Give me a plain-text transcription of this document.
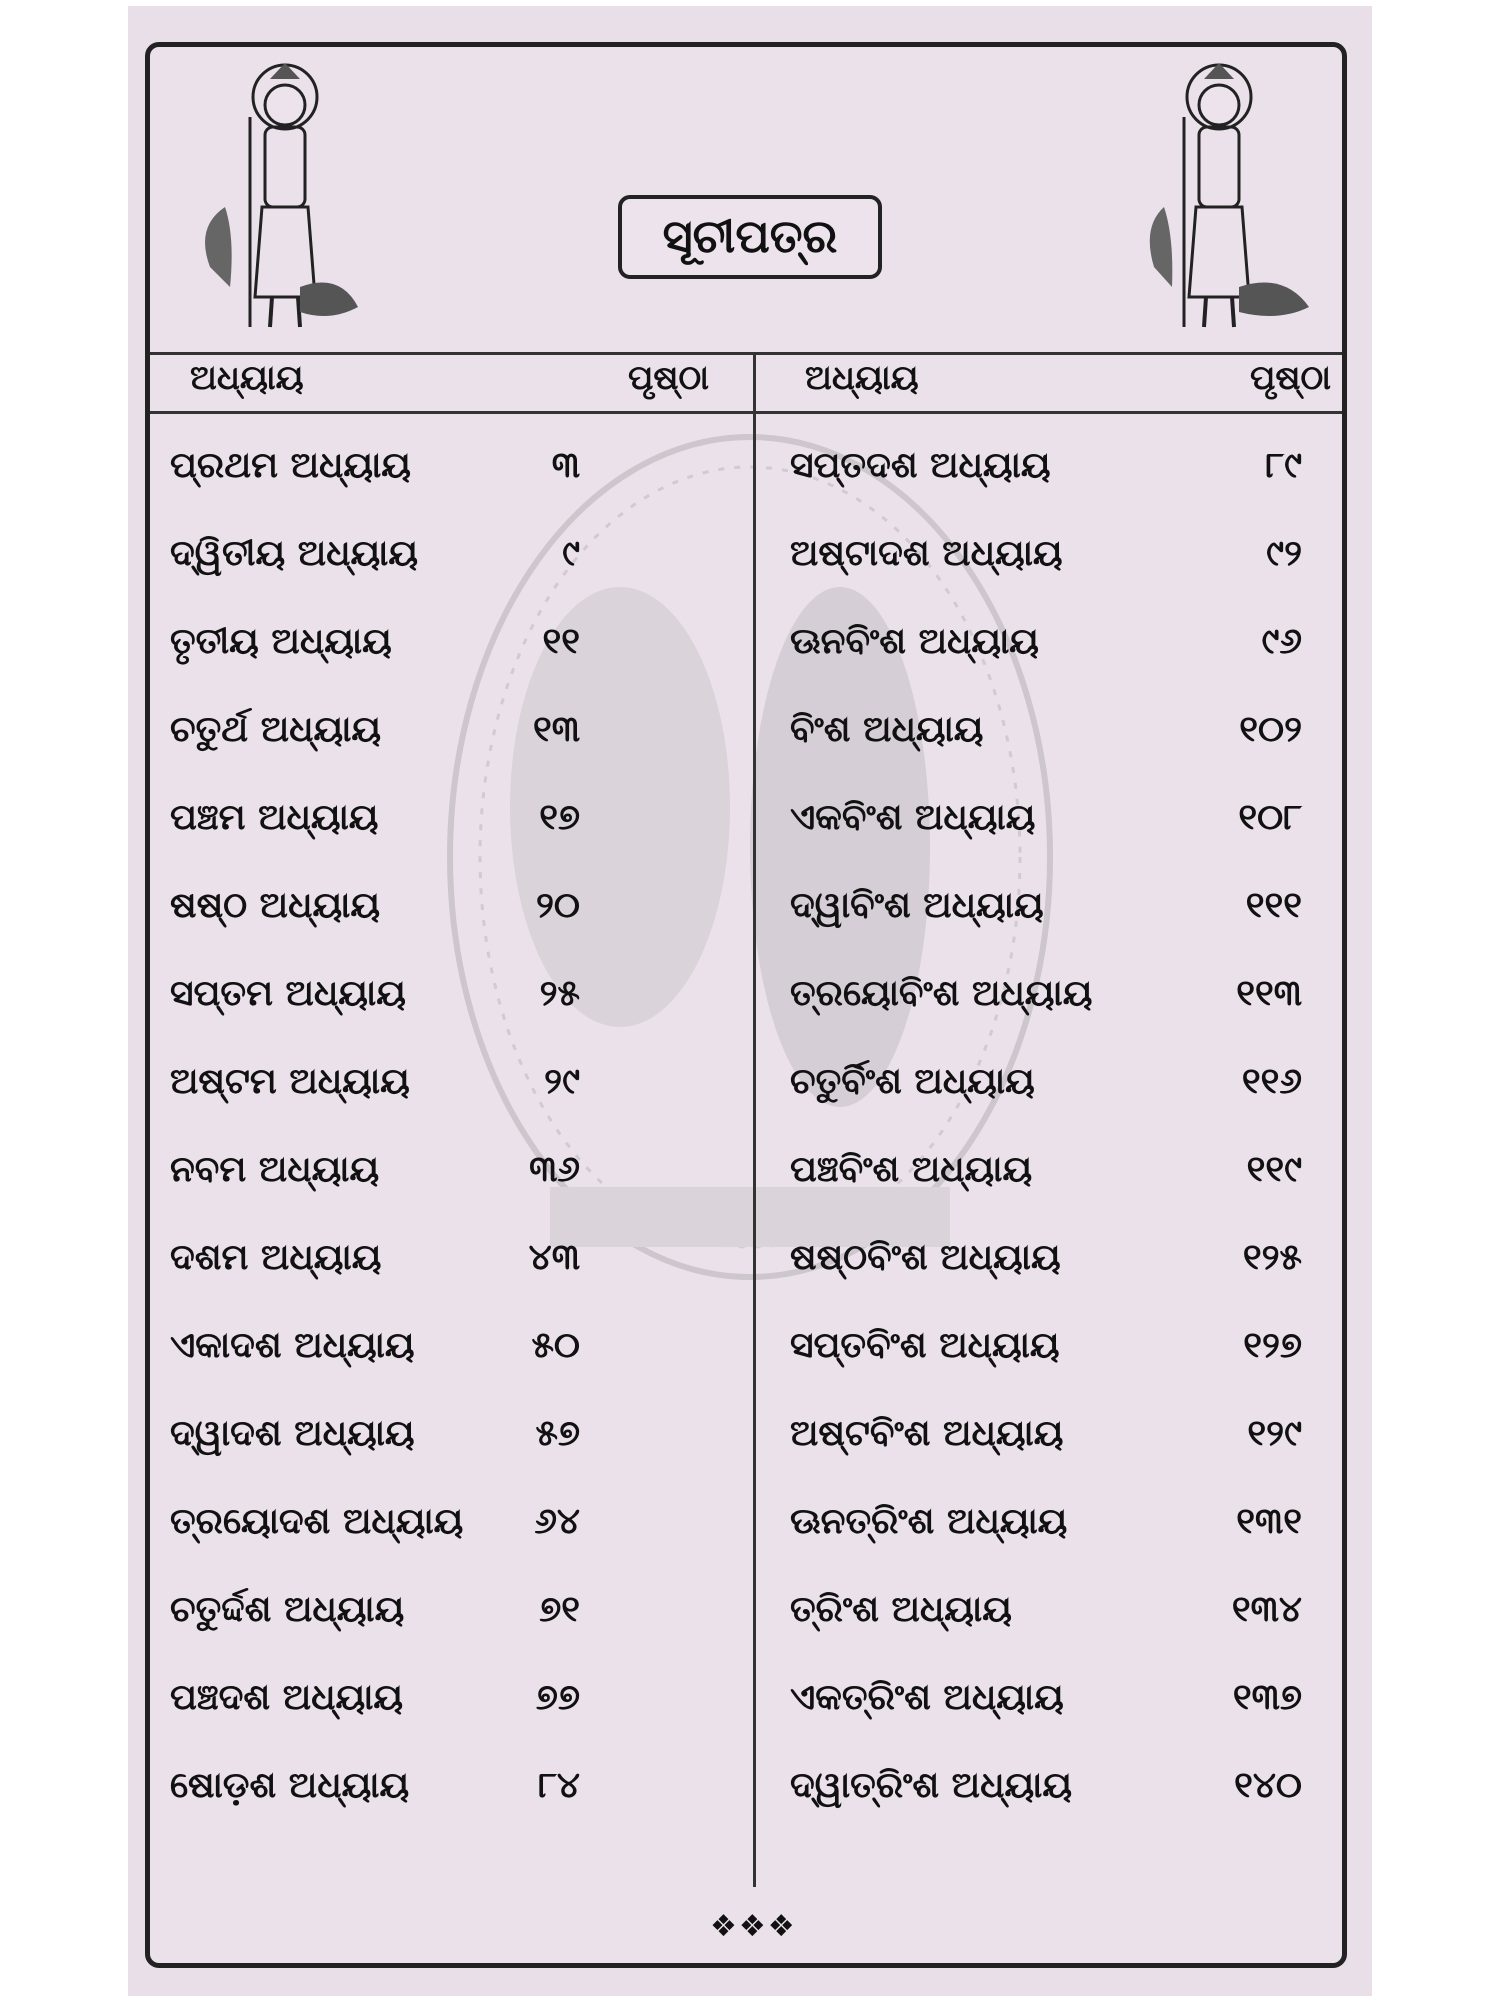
ସୂଚୀପତ୍ର
ଅଧ୍ୟାୟ	ପୃଷ୍ଠା	ଅଧ୍ୟାୟ	ପୃଷ୍ଠା
ପ୍ରଥମ ଅଧ୍ୟାୟ	୩	ସପ୍ତଦଶ ଅଧ୍ୟାୟ	୮୯
ଦ୍ୱିତୀୟ ଅଧ୍ୟାୟ	୯	ଅଷ୍ଟାଦଶ ଅଧ୍ୟାୟ	୯୨
ତୃତୀୟ ଅଧ୍ୟାୟ	୧୧	ଊନବିଂଶ ଅଧ୍ୟାୟ	୯୬
ଚତୁର୍ଥ ଅଧ୍ୟାୟ	୧୩	ବିଂଶ ଅଧ୍ୟାୟ	୧୦୨
ପଞ୍ଚମ ଅଧ୍ୟାୟ	୧୭	ଏକବିଂଶ ଅଧ୍ୟାୟ	୧୦୮
ଷଷ୍ଠ ଅଧ୍ୟାୟ	୨୦	ଦ୍ୱାବିଂଶ ଅଧ୍ୟାୟ	୧୧୧
ସପ୍ତମ ଅଧ୍ୟାୟ	୨୫	ତ୍ରୟୋବିଂଶ ଅଧ୍ୟାୟ	୧୧୩
ଅଷ୍ଟମ ଅଧ୍ୟାୟ	୨୯	ଚତୁର୍ବିଂଶ ଅଧ୍ୟାୟ	୧୧୬
ନବମ ଅଧ୍ୟାୟ	୩୬	ପଞ୍ଚବିଂଶ ଅଧ୍ୟାୟ	୧୧୯
ଦଶମ ଅଧ୍ୟାୟ	୪୩	ଷଷ୍ଠବିଂଶ ଅଧ୍ୟାୟ	୧୨୫
ଏକାଦଶ ଅଧ୍ୟାୟ	୫୦	ସପ୍ତବିଂଶ ଅଧ୍ୟାୟ	୧୨୭
ଦ୍ୱାଦଶ ଅଧ୍ୟାୟ	୫୭	ଅଷ୍ଟବିଂଶ ଅଧ୍ୟାୟ	୧୨୯
ତ୍ରୟୋଦଶ ଅଧ୍ୟାୟ ୬୪	ଊନତ୍ରିଂଶ ଅଧ୍ୟାୟ	୧୩୧
ଚତୁର୍ଦ୍ଦଶ ଅଧ୍ୟାୟ	୭୧	ତ୍ରିଂଶ ଅଧ୍ୟାୟ	୧୩୪
ପଞ୍ଚଦଶ ଅଧ୍ୟାୟ	୭୭	ଏକତ୍ରିଂଶ ଅଧ୍ୟାୟ	୧୩୭
ଷୋଡ଼ଶ ଅଧ୍ୟାୟ	୮୪	ଦ୍ୱାତ୍ରିଂଶ ଅଧ୍ୟାୟ	୧୪୦
❖❖❖
